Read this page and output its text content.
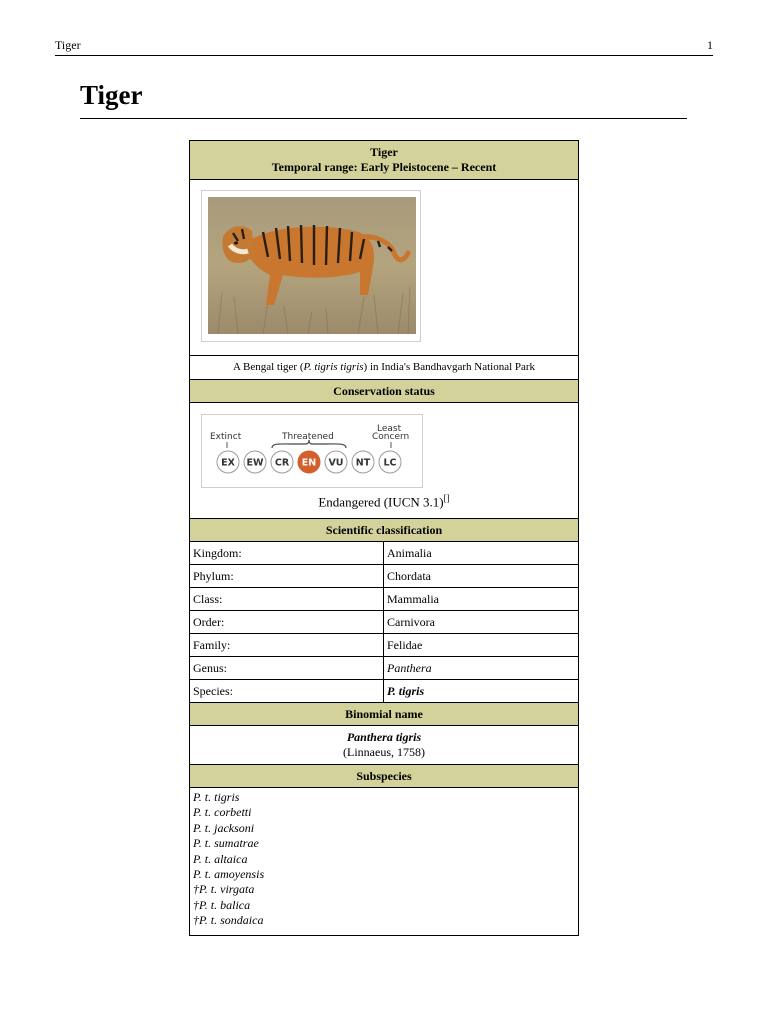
Tiger	1
Tiger
Tiger
Temporal range: Early Pleistocene – Recent
A Bengal tiger (P. tigris tigris) in India's Bandhavgarh National Park
Conservation status
Extinct	Threatened
Least
Concern
EX EW CR EN VU NT LC
Endangered (IUCN 3.1)[]
Scientific classification
Kingdom:	Animalia
Phylum:	Chordata
Class:	Mammalia
Order:	Carnivora
Family:	Felidae
Genus:	Panthera
Species:	P. tigris
Binomial name
Panthera tigris
(Linnaeus, 1758)
Subspecies
P. t. tigris
P. t. corbetti
P. t. jacksoni
P. t. sumatrae
P. t. altaica
P. t. amoyensis
†P. t. virgata
†P. t. balica
†P. t. sondaica
